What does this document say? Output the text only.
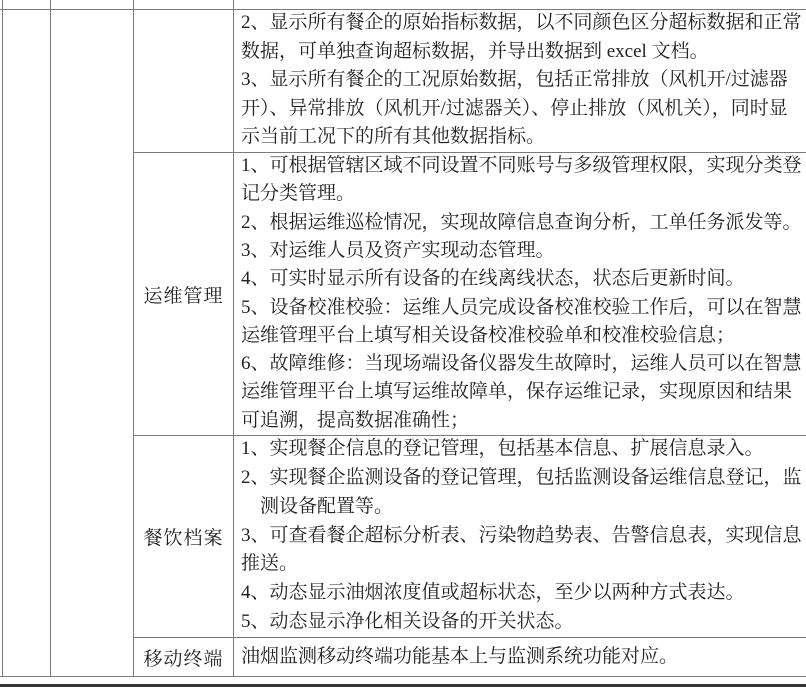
运维管理
餐饮档案
移动终端
2、显示所有餐企的原始指标数据，以不同颜色区分超标数据和正常
数据，可单独查询超标数据，并导出数据到 excel 文档。
3、显示所有餐企的工况原始数据，包括正常排放（风机开/过滤器
开）、异常排放（风机开/过滤器关）、停止排放（风机关），同时显
示当前工况下的所有其他数据指标。
1、可根据管辖区域不同设置不同账号与多级管理权限，实现分类登
记分类管理。
2、根据运维巡检情况，实现故障信息查询分析，工单任务派发等。
3、对运维人员及资产实现动态管理。
4、可实时显示所有设备的在线离线状态，状态后更新时间。
5、设备校准校验：运维人员完成设备校准校验工作后，可以在智慧
运维管理平台上填写相关设备校准校验单和校准校验信息；
6、故障维修：当现场端设备仪器发生故障时，运维人员可以在智慧
运维管理平台上填写运维故障单，保存运维记录，实现原因和结果
可追溯，提高数据准确性；
1、实现餐企信息的登记管理，包括基本信息、扩展信息录入。
2、实现餐企监测设备的登记管理，包括监测设备运维信息登记，监
　测设备配置等。
3、可查看餐企超标分析表、污染物趋势表、告警信息表，实现信息
推送。
4、动态显示油烟浓度值或超标状态，至少以两种方式表达。
5、动态显示净化相关设备的开关状态。
油烟监测移动终端功能基本上与监测系统功能对应。
